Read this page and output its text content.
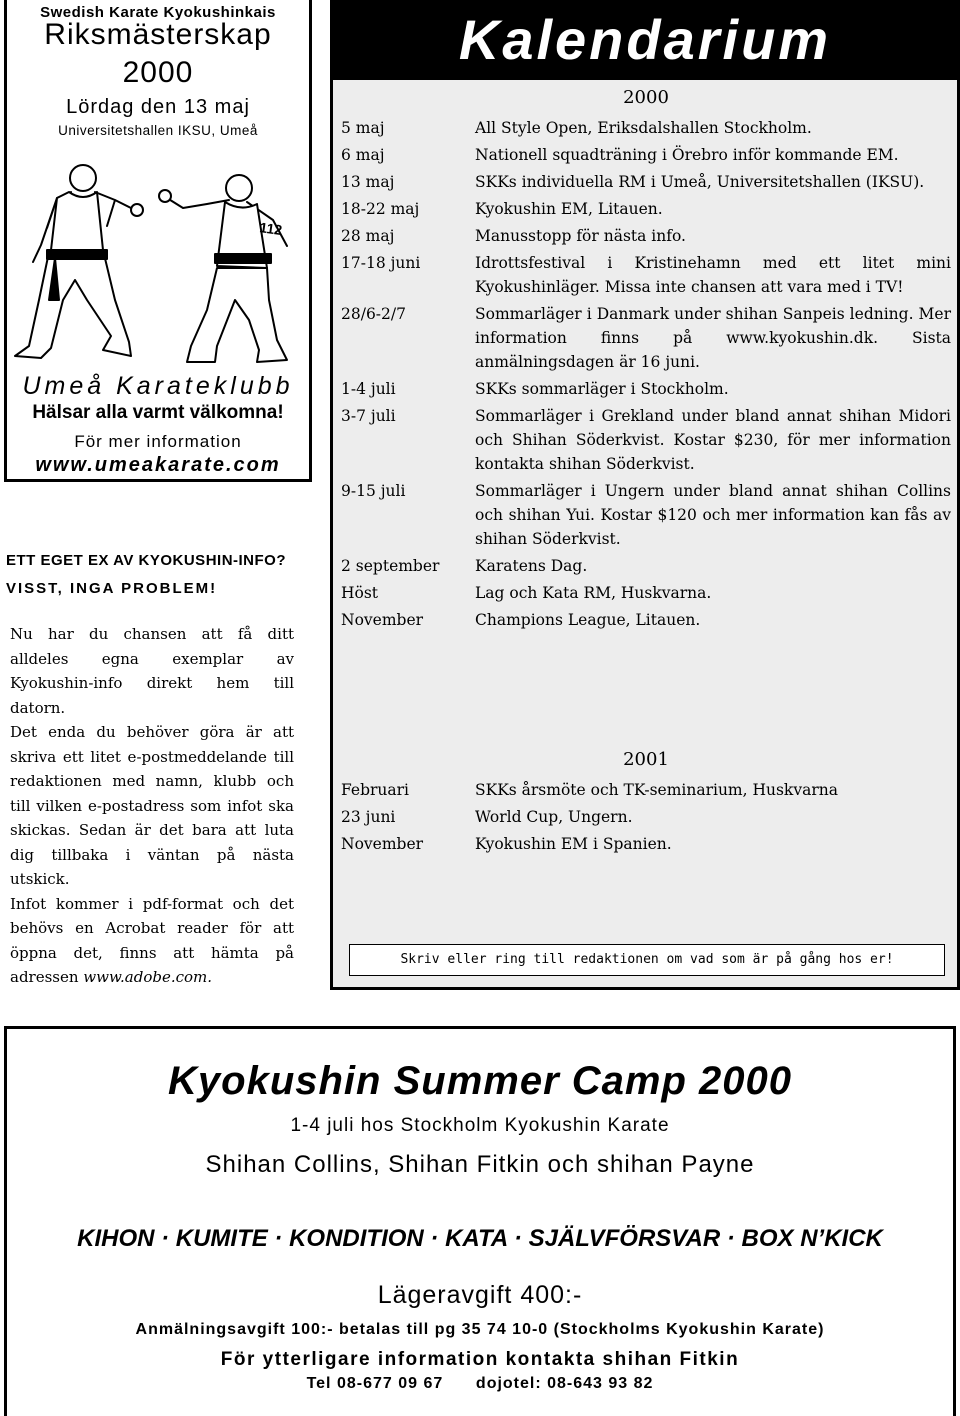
Swedish Karate Kyokushinkais
Riksmästerskap
2000
Lördag den 13 maj
Universitetshallen IKSU, Umeå
112
Umeå Karateklubb
Hälsar alla varmt välkomna!
För mer information
www.umeakarate.com
ETT EGET EX AV KYOKUSHIN-INFO?
VISST, INGA PROBLEM!

Nu har du chansen att få ditt alldeles egna exemplar av Kyokushin-info direkt hem till datorn.

Det enda du behöver göra är att skriva ett litet e-postmeddelande till redaktionen med namn, klubb och till vilken e-postadress som infot ska skickas. Sedan är det bara att luta dig tillbaka i väntan på nästa utskick.

Infot kommer i pdf-format och det behövs en Acrobat reader för att öppna det, finns att hämta på adressen www.adobe.com.

Kalendarium
2000
5 maj	All Style Open, Eriksdalshallen Stockholm.
6 maj	Nationell squadträning i Örebro inför kommande EM.
13 maj	SKKs individuella RM i Umeå, Universitetshallen (IKSU).
18-22 maj	Kyokushin EM, Litauen.
28 maj	Manusstopp för nästa info.
17-18 juni	Idrottsfestival i Kristinehamn med ett litet mini Kyokushinläger. Missa inte chansen att vara med i TV!
28/6-2/7	Sommarläger i Danmark under shihan Sanpeis ledning. Mer information finns på www.kyokushin.dk. Sista anmälningsdagen är 16 juni.
1-4 juli	SKKs sommarläger i Stockholm.
3-7 juli	Sommarläger i Grekland under bland annat shihan Midori och Shihan Söderkvist. Kostar $230, för mer information kontakta shihan Söderkvist.
9-15 juli	Sommarläger i Ungern under bland annat shihan Collins och shihan Yui. Kostar $120 och mer information kan fås av shihan Söderkvist.
2 september	Karatens Dag.
Höst	Lag och Kata RM, Huskvarna.
November	Champions League, Litauen.
2001
Februari	SKKs årsmöte och TK-seminarium, Huskvarna
23 juni	World Cup, Ungern.
November	Kyokushin EM i Spanien.
Skriv eller ring till redaktionen om vad som är på gång hos er!
Kyokushin Summer Camp 2000
1-4 juli hos Stockholm Kyokushin Karate
Shihan Collins, Shihan Fitkin och shihan Payne
KIHON · KUMITE · KONDITION · KATA · SJÄLVFÖRSVAR · BOX N’KICK
Lägeravgift 400:-
Anmälningsavgift 100:- betalas till pg 35 74 10-0 (Stockholms Kyokushin Karate)
För ytterligare information kontakta shihan Fitkin
Tel 08-677 09 67      dojotel: 08-643 93 82
